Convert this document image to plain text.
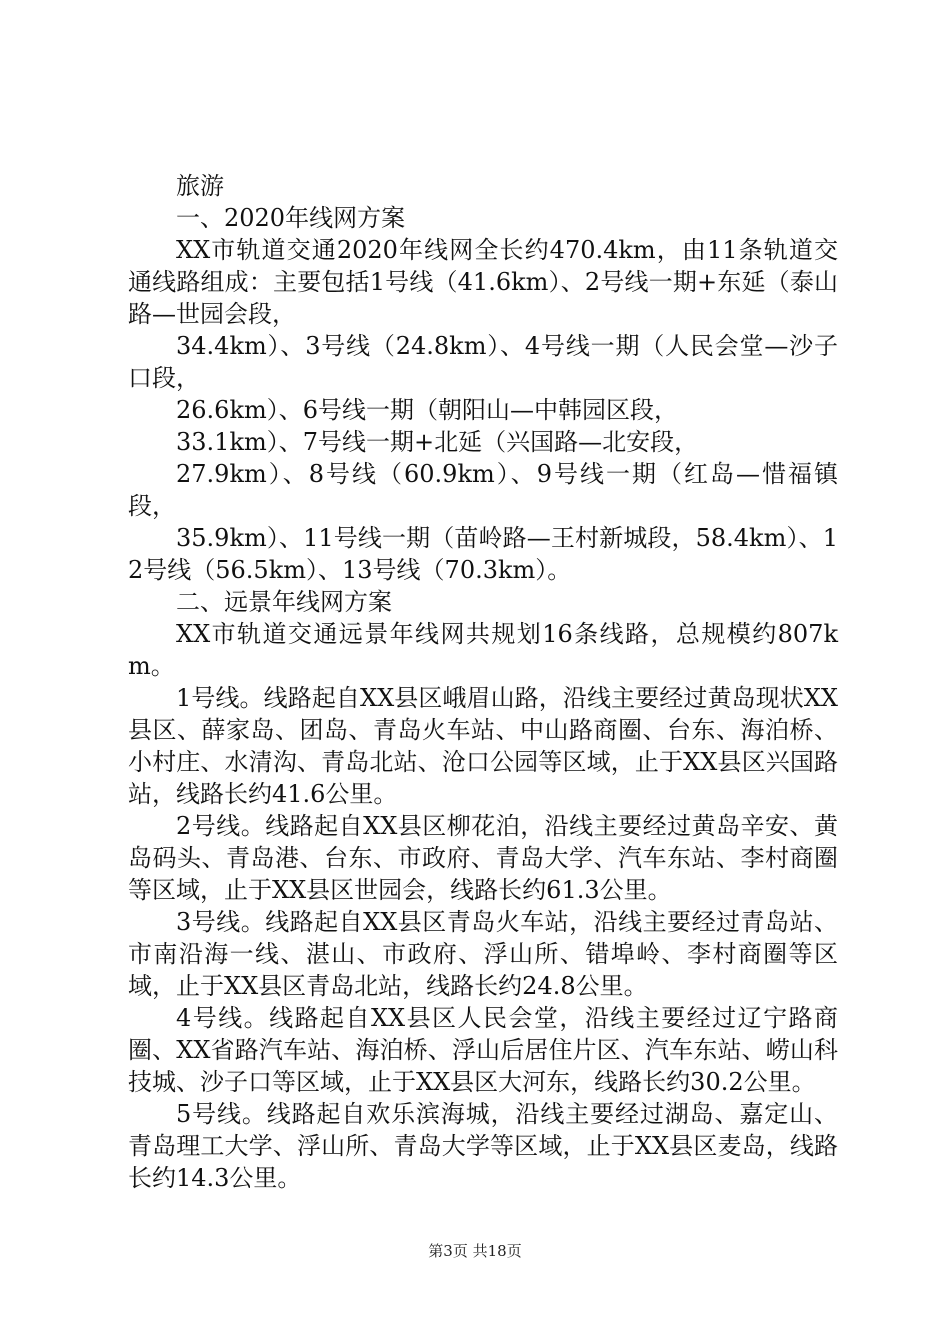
旅游

一、2020年线网方案

XX市轨道交通2020年线网全长约470.4km，由11条轨道交通线路组成：主要包括1号线（41.6km）、2号线一期+东延（泰山路—世园会段，

34.4km）、3号线（24.8km）、4号线一期（人民会堂—沙子口段，

26.6km）、6号线一期（朝阳山—中韩园区段，

33.1km）、7号线一期+北延（兴国路—北安段，

27.9km）、8号线（60.9km）、9号线一期（红岛—惜福镇段，

35.9km）、11号线一期（苗岭路—王村新城段，58.4km）、12号线（56.5km）、13号线（70.3km）。

二、远景年线网方案

XX市轨道交通远景年线网共规划16条线路，总规模约807km。

1号线。线路起自XX县区峨眉山路，沿线主要经过黄岛现状XX县区、薛家岛、团岛、青岛火车站、中山路商圈、台东、海泊桥、小村庄、水清沟、青岛北站、沧口公园等区域，止于XX县区兴国路站，线路长约41.6公里。

2号线。线路起自XX县区柳花泊，沿线主要经过黄岛辛安、黄岛码头、青岛港、台东、市政府、青岛大学、汽车东站、李村商圈等区域，止于XX县区世园会，线路长约61.3公里。

3号线。线路起自XX县区青岛火车站，沿线主要经过青岛站、市南沿海一线、湛山、市政府、浮山所、错埠岭、李村商圈等区域，止于XX县区青岛北站，线路长约24.8公里。

4号线。线路起自XX县区人民会堂，沿线主要经过辽宁路商圈、XX省路汽车站、海泊桥、浮山后居住片区、汽车东站、崂山科技城、沙子口等区域，止于XX县区大河东，线路长约30.2公里。

5号线。线路起自欢乐滨海城，沿线主要经过湖岛、嘉定山、青岛理工大学、浮山所、青岛大学等区域，止于XX县区麦岛，线路长约14.3公里。

第3页 共18页
